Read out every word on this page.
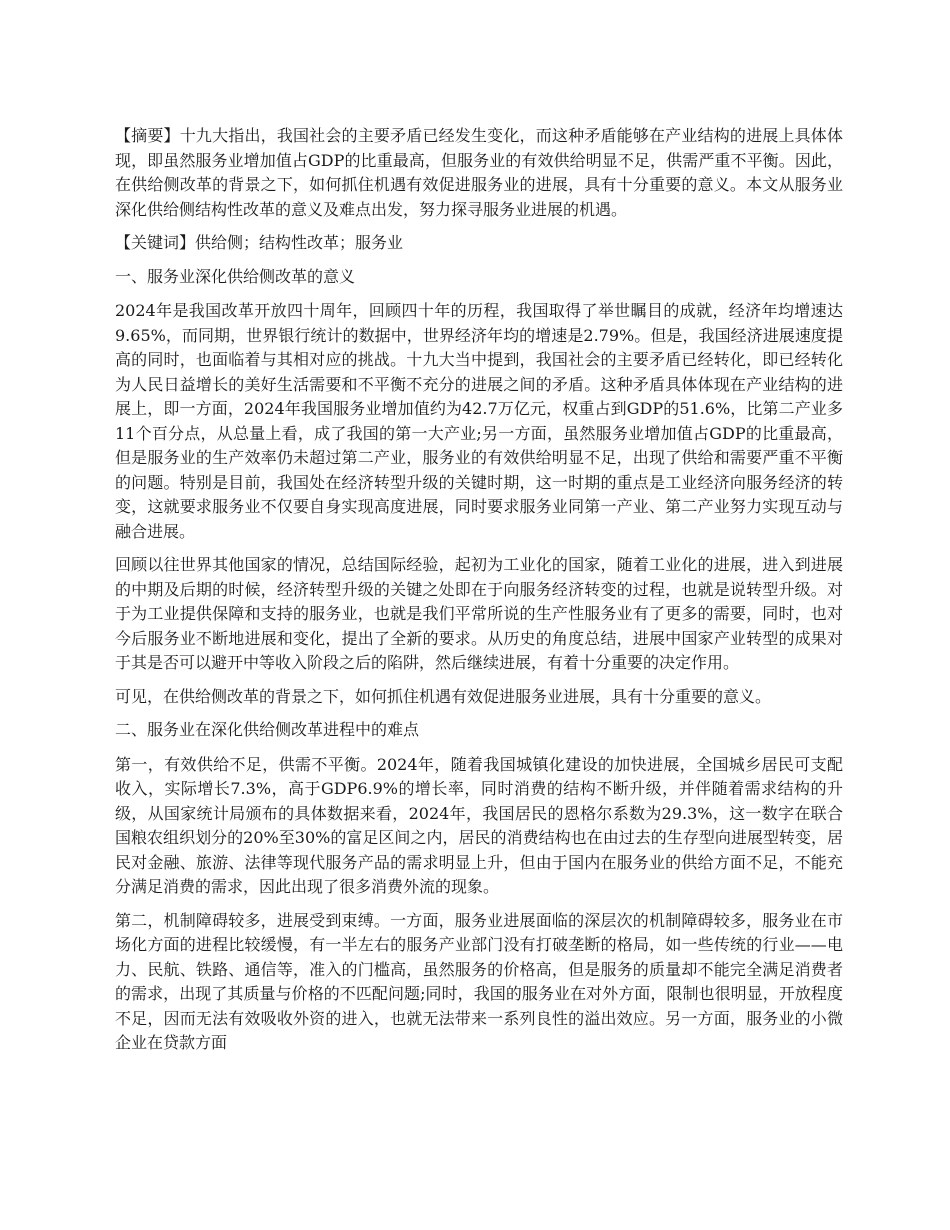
【摘要】十九大指出，我国社会的主要矛盾已经发生变化，而这种矛盾能够在产业结构的进展上具体体现，即虽然服务业增加值占GDP的比重最高，但服务业的有效供给明显不足，供需严重不平衡。因此，在供给侧改革的背景之下，如何抓住机遇有效促进服务业的进展，具有十分重要的意义。本文从服务业深化供给侧结构性改革的意义及难点出发，努力探寻服务业进展的机遇。

【关键词】供给侧；结构性改革；服务业

一、服务业深化供给侧改革的意义

2024年是我国改革开放四十周年，回顾四十年的历程，我国取得了举世瞩目的成就，经济年均增速达9.65%，而同期，世界银行统计的数据中，世界经济年均的增速是2.79%。但是，我国经济进展速度提高的同时，也面临着与其相对应的挑战。十九大当中提到，我国社会的主要矛盾已经转化，即已经转化为人民日益增长的美好生活需要和不平衡不充分的进展之间的矛盾。这种矛盾具体体现在产业结构的进展上，即一方面，2024年我国服务业增加值约为42.7万亿元，权重占到GDP的51.6%，比第二产业多11个百分点，从总量上看，成了我国的第一大产业;另一方面，虽然服务业增加值占GDP的比重最高，但是服务业的生产效率仍未超过第二产业，服务业的有效供给明显不足，出现了供给和需要严重不平衡的问题。特别是目前，我国处在经济转型升级的关键时期，这一时期的重点是工业经济向服务经济的转变，这就要求服务业不仅要自身实现高度进展，同时要求服务业同第一产业、第二产业努力实现互动与融合进展。

回顾以往世界其他国家的情况，总结国际经验，起初为工业化的国家，随着工业化的进展，进入到进展的中期及后期的时候，经济转型升级的关键之处即在于向服务经济转变的过程，也就是说转型升级。对于为工业提供保障和支持的服务业，也就是我们平常所说的生产性服务业有了更多的需要，同时，也对今后服务业不断地进展和变化，提出了全新的要求。从历史的角度总结，进展中国家产业转型的成果对于其是否可以避开中等收入阶段之后的陷阱，然后继续进展，有着十分重要的决定作用。

可见，在供给侧改革的背景之下，如何抓住机遇有效促进服务业进展，具有十分重要的意义。

二、服务业在深化供给侧改革进程中的难点

第一，有效供给不足，供需不平衡。2024年，随着我国城镇化建设的加快进展，全国城乡居民可支配收入，实际增长7.3%，高于GDP6.9%的增长率，同时消费的结构不断升级，并伴随着需求结构的升级，从国家统计局颁布的具体数据来看，2024年，我国居民的恩格尔系数为29.3%，这一数字在联合国粮农组织划分的20%至30%的富足区间之内，居民的消费结构也在由过去的生存型向进展型转变，居民对金融、旅游、法律等现代服务产品的需求明显上升，但由于国内在服务业的供给方面不足，不能充分满足消费的需求，因此出现了很多消费外流的现象。

第二，机制障碍较多，进展受到束缚。一方面，服务业进展面临的深层次的机制障碍较多，服务业在市场化方面的进程比较缓慢，有一半左右的服务产业部门没有打破垄断的格局，如一些传统的行业——电力、民航、铁路、通信等，准入的门槛高，虽然服务的价格高，但是服务的质量却不能完全满足消费者的需求，出现了其质量与价格的不匹配问题;同时，我国的服务业在对外方面，限制也很明显，开放程度不足，因而无法有效吸收外资的进入，也就无法带来一系列良性的溢出效应。另一方面，服务业的小微企业在贷款方面
